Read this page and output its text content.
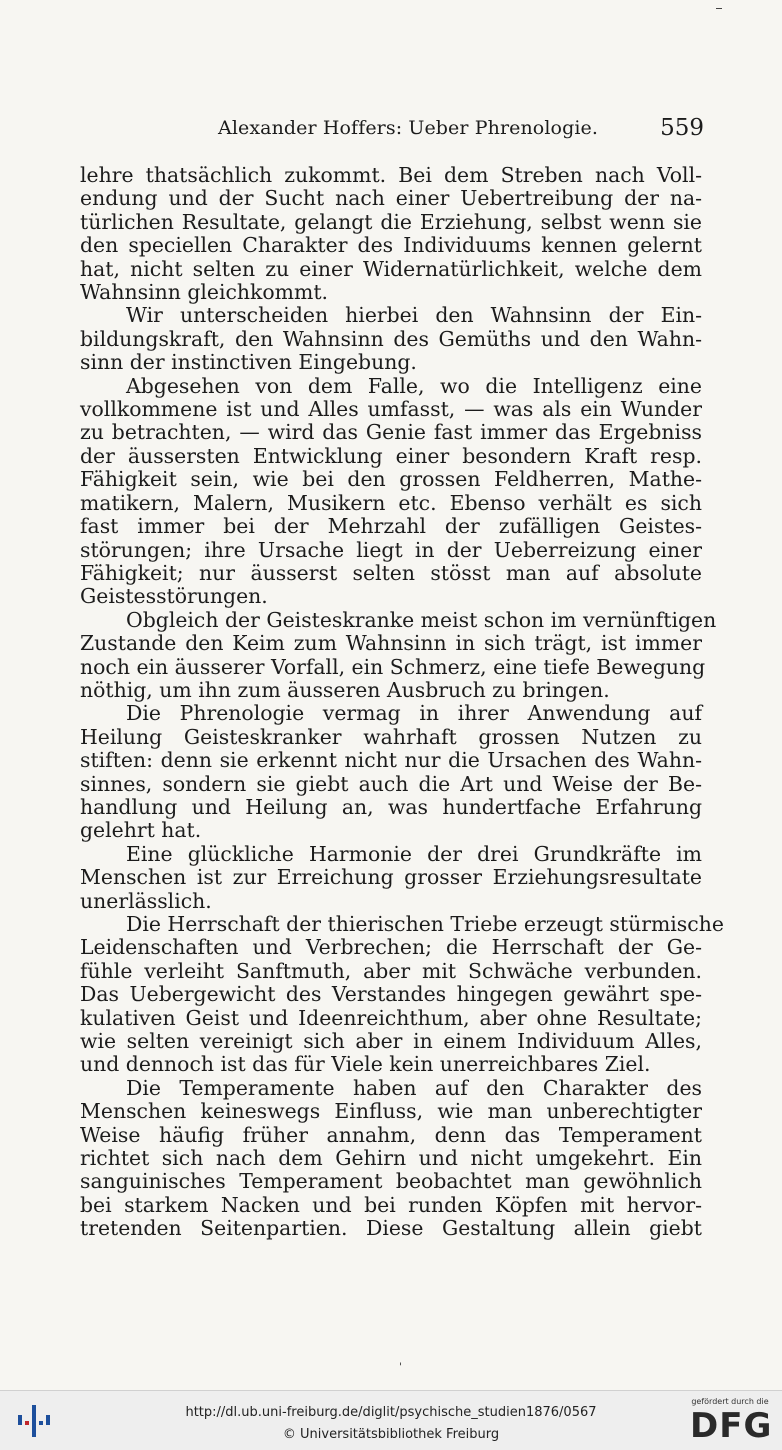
Alexander Hoffers: Ueber Phrenologie.	559
lehre thatsächlich zukommt. Bei dem Streben nach Voll-
endung und der Sucht nach einer Uebertreibung der na-
türlichen Resultate, gelangt die Erziehung, selbst wenn sie
den speciellen Charakter des Individuums kennen gelernt
hat, nicht selten zu einer Widernatürlichkeit, welche dem
Wahnsinn gleichkommt.
Wir unterscheiden hierbei den Wahnsinn der Ein-
bildungskraft, den Wahnsinn des Gemüths und den Wahn-
sinn der instinctiven Eingebung.
Abgesehen von dem Falle, wo die Intelligenz eine
vollkommene ist und Alles umfasst, — was als ein Wunder
zu betrachten, — wird das Genie fast immer das Ergebniss
der äussersten Entwicklung einer besondern Kraft resp.
Fähigkeit sein, wie bei den grossen Feldherren, Mathe-
matikern, Malern, Musikern etc. Ebenso verhält es sich
fast immer bei der Mehrzahl der zufälligen Geistes-
störungen; ihre Ursache liegt in der Ueberreizung einer
Fähigkeit; nur äusserst selten stösst man auf absolute
Geistesstörungen.
Obgleich der Geisteskranke meist schon im vernünftigen
Zustande den Keim zum Wahnsinn in sich trägt, ist immer
noch ein äusserer Vorfall, ein Schmerz, eine tiefe Bewegung
nöthig, um ihn zum äusseren Ausbruch zu bringen.
Die Phrenologie vermag in ihrer Anwendung auf
Heilung Geisteskranker wahrhaft grossen Nutzen zu
stiften: denn sie erkennt nicht nur die Ursachen des Wahn-
sinnes, sondern sie giebt auch die Art und Weise der Be-
handlung und Heilung an, was hundertfache Erfahrung
gelehrt hat.
Eine glückliche Harmonie der drei Grundkräfte im
Menschen ist zur Erreichung grosser Erziehungsresultate
unerlässlich.
Die Herrschaft der thierischen Triebe erzeugt stürmische
Leidenschaften und Verbrechen; die Herrschaft der Ge-
fühle verleiht Sanftmuth, aber mit Schwäche verbunden.
Das Uebergewicht des Verstandes hingegen gewährt spe-
kulativen Geist und Ideenreichthum, aber ohne Resultate;
wie selten vereinigt sich aber in einem Individuum Alles,
und dennoch ist das für Viele kein unerreichbares Ziel.
Die Temperamente haben auf den Charakter des
Menschen keineswegs Einfluss, wie man unberechtigter
Weise häufig früher annahm, denn das Temperament
richtet sich nach dem Gehirn und nicht umgekehrt. Ein
sanguinisches Temperament beobachtet man gewöhnlich
bei starkem Nacken und bei runden Köpfen mit hervor-
tretenden Seitenpartien. Diese Gestaltung allein giebt
'
http://dl.ub.uni-freiburg.de/diglit/psychische_studien1876/0567
© Universitätsbibliothek Freiburg
gefördert durch die
DFG
